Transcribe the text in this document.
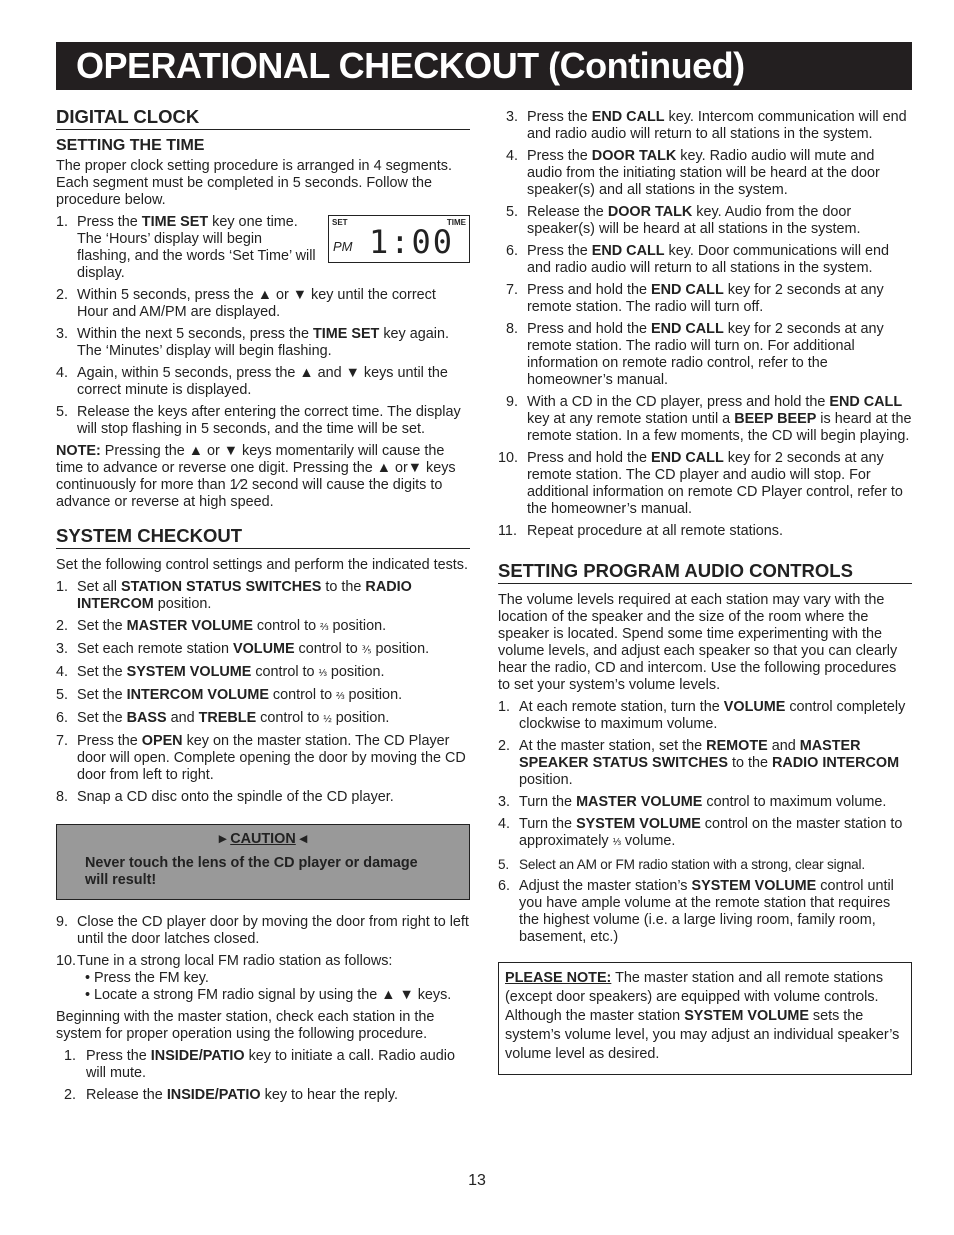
OPERATIONAL CHECKOUT (Continued)
DIGITAL CLOCK
SETTING THE TIME

The proper clock setting procedure is arranged in 4 segments. Each segment must be completed in 5 seconds. Follow the procedure below.

SET	TIME
PM 1:00
1. Press the TIME SET key one time. The ‘Hours’ display will begin flashing, and the words ‘Set Time’ will display.
2. Within 5 seconds, press the ▲ or ▼ key until the correct Hour and AM/PM are displayed.
3. Within the next 5 seconds, press the TIME SET key again. The ‘Minutes’ display will begin flashing.
4. Again, within 5 seconds, press the ▲ and ▼ keys until the correct minute is displayed.
5. Release the keys after entering the correct time. The display will stop flashing in 5 seconds, and the time will be set.

NOTE: Pressing the ▲ or ▼ keys momentarily will cause the time to advance or reverse one digit. Pressing the ▲ or▼ keys continuously for more than 1⁄2 second will cause the digits to advance or reverse at high speed.

SYSTEM CHECKOUT

Set the following control settings and perform the indicated tests.

1. Set all STATION STATUS SWITCHES to the RADIO INTERCOM position.
2. Set the MASTER VOLUME control to ⅔ position.
3. Set each remote station VOLUME control to ⅗ position.
4. Set the SYSTEM VOLUME control to ⅓ position.
5. Set the INTERCOM VOLUME control to ⅔ position.
6. Set the BASS and TREBLE control to ½ position.
7. Press the OPEN key on the master station. The CD Player door will open. Complete opening the door by moving the CD door from left to right.
8. Snap a CD disc onto the spindle of the CD player.
▸ CAUTION ◂
Never touch the lens of the CD player or damage will result!
9. Close the CD player door by moving the door from right to left until the door latches closed.
10. Tune in a strong local FM radio station as follows:
• Press the FM key.
• Locate a strong FM radio signal by using the ▲ ▼ keys.

Beginning with the master station, check each station in the system for proper operation using the following procedure.

1. Press the INSIDE/PATIO key to initiate a call. Radio audio will mute.
2. Release the INSIDE/PATIO key to hear the reply.
3. Press the END CALL key. Intercom communication will end and radio audio will return to all stations in the system.
4. Press the DOOR TALK key. Radio audio will mute and audio from the initiating station will be heard at the door speaker(s) and all stations in the system.
5. Release the DOOR TALK key. Audio from the door speaker(s) will be heard at all stations in the system.
6. Press the END CALL key. Door communications will end and radio audio will return to all stations in the system.
7. Press and hold the END CALL key for 2 seconds at any remote station. The radio will turn off.
8. Press and hold the END CALL key for 2 seconds at any remote station. The radio will turn on. For additional information on remote radio control, refer to the homeowner’s manual.
9. With a CD in the CD player, press and hold the END CALL key at any remote station until a BEEP BEEP is heard at the remote station. In a few moments, the CD will begin playing.
10. Press and hold the END CALL key for 2 seconds at any remote station. The CD player and audio will stop. For additional information on remote CD Player control, refer to the homeowner’s manual.
11. Repeat procedure at all remote stations.
SETTING PROGRAM AUDIO CONTROLS

The volume levels required at each station may vary with the location of the speaker and the size of the room where the speaker is located. Spend some time experimenting with the volume levels, and adjust each speaker so that you can clearly hear the radio, CD and intercom. Use the following procedures to set your system’s volume levels.

1. At each remote station, turn the VOLUME control completely clockwise to maximum volume.
2. At the master station, set the REMOTE and MASTER SPEAKER STATUS SWITCHES to the RADIO INTERCOM position.
3. Turn the MASTER VOLUME control to maximum volume.
4. Turn the SYSTEM VOLUME control on the master station to approximately ⅓ volume.
5. Select an AM or FM radio station with a strong, clear signal.
6. Adjust the master station’s SYSTEM VOLUME control until you have ample volume at the remote station that requires the highest volume (i.e. a large living room, family room, basement, etc.)
PLEASE NOTE: The master station and all remote stations (except door speakers) are equipped with volume controls. Although the master station SYSTEM VOLUME sets the system’s volume level, you may adjust an individual speaker’s volume level as desired.
13
